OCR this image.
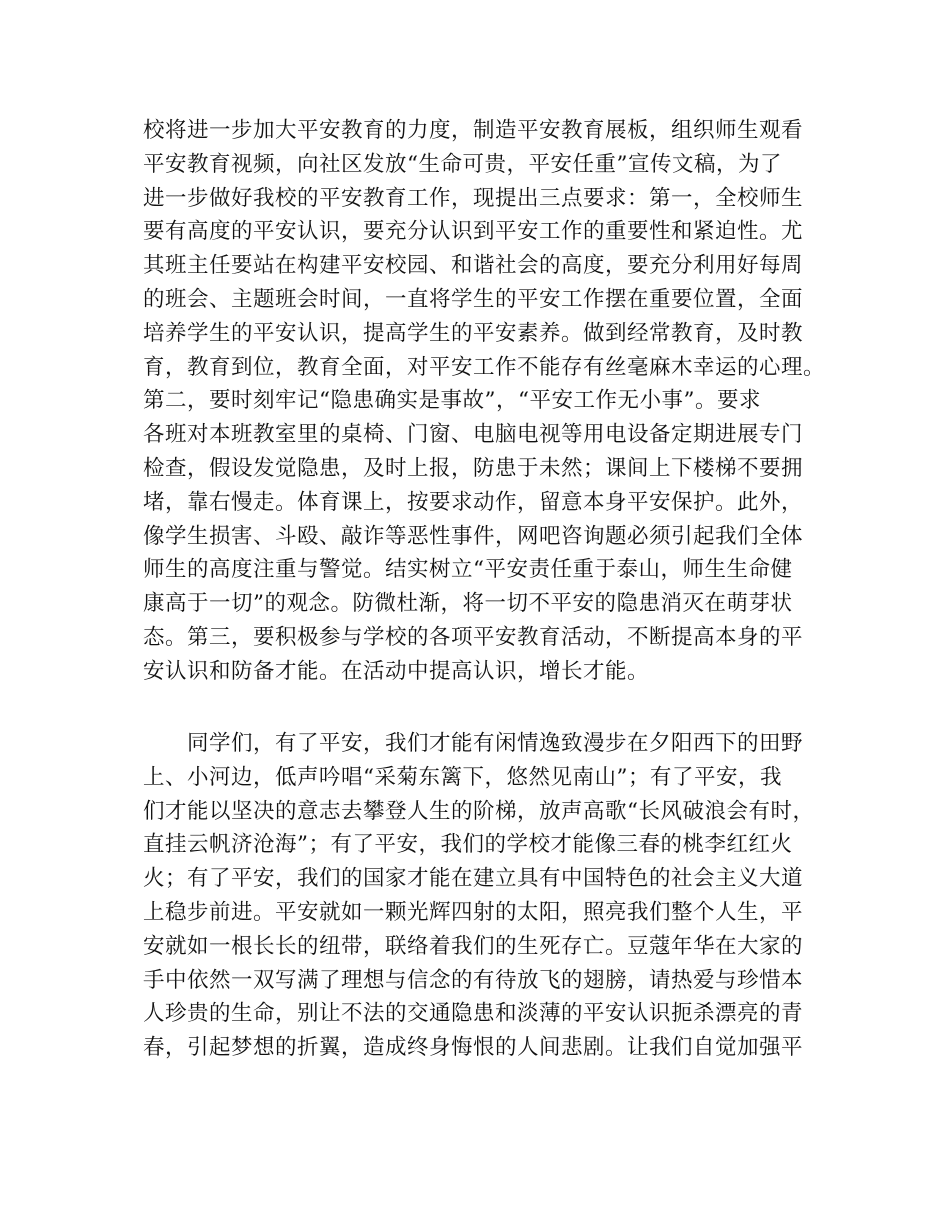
校将进一步加大平安教育的力度，制造平安教育展板，组织师生观看
平安教育视频，向社区发放“生命可贵，平安任重”宣传文稿，为了
进一步做好我校的平安教育工作，现提出三点要求：第一，全校师生
要有高度的平安认识，要充分认识到平安工作的重要性和紧迫性。尤
其班主任要站在构建平安校园、和谐社会的高度，要充分利用好每周
的班会、主题班会时间，一直将学生的平安工作摆在重要位置，全面
培养学生的平安认识，提高学生的平安素养。做到经常教育，及时教
育，教育到位，教育全面，对平安工作不能存有丝毫麻木幸运的心理。
第二，要时刻牢记“隐患确实是事故”，“平安工作无小事”。要求
各班对本班教室里的桌椅、门窗、电脑电视等用电设备定期进展专门
检查，假设发觉隐患，及时上报，防患于未然；课间上下楼梯不要拥
堵，靠右慢走。体育课上，按要求动作，留意本身平安保护。此外，
像学生损害、斗殴、敲诈等恶性事件，网吧咨询题必须引起我们全体
师生的高度注重与警觉。结实树立“平安责任重于泰山，师生生命健
康高于一切”的观念。防微杜渐，将一切不平安的隐患消灭在萌芽状
态。第三，要积极参与学校的各项平安教育活动，不断提高本身的平
安认识和防备才能。在活动中提高认识，增长才能。
　　同学们，有了平安，我们才能有闲情逸致漫步在夕阳西下的田野
上、小河边，低声吟唱“采菊东篱下，悠然见南山”；有了平安，我
们才能以坚决的意志去攀登人生的阶梯，放声高歌“长风破浪会有时，
直挂云帆济沧海”；有了平安，我们的学校才能像三春的桃李红红火
火；有了平安，我们的国家才能在建立具有中国特色的社会主义大道
上稳步前进。平安就如一颗光辉四射的太阳，照亮我们整个人生，平
安就如一根长长的纽带，联络着我们的生死存亡。豆蔻年华在大家的
手中依然一双写满了理想与信念的有待放飞的翅膀，请热爱与珍惜本
人珍贵的生命，别让不法的交通隐患和淡薄的平安认识扼杀漂亮的青
春，引起梦想的折翼，造成终身悔恨的人间悲剧。让我们自觉加强平
